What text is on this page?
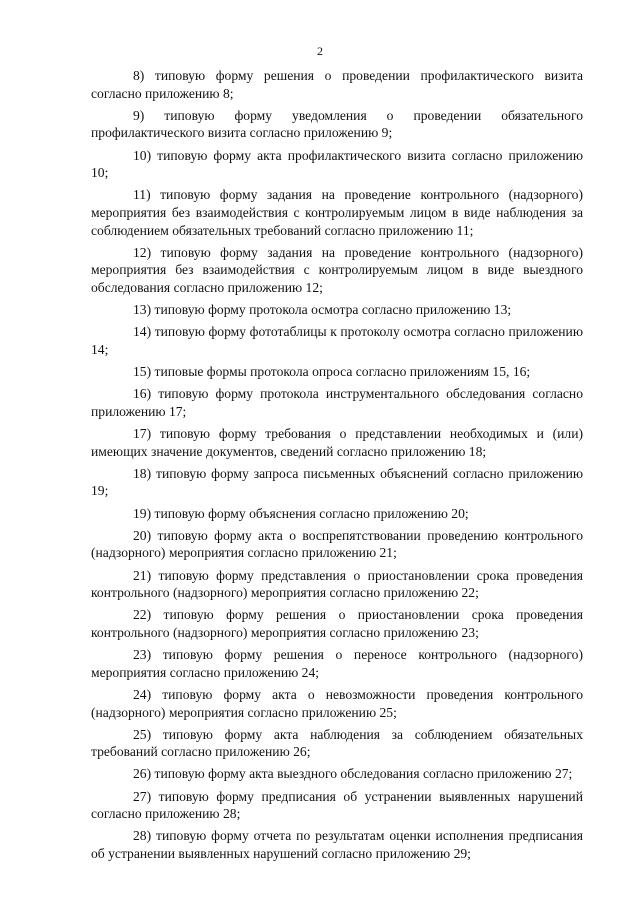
2

8) типовую форму решения о проведении профилактического визита согласно приложению 8;

9) типовую форму уведомления о проведении обязательного профилактического визита согласно приложению 9;

10) типовую форму акта профилактического визита согласно приложению 10;

11) типовую форму задания на проведение контрольного (надзорного) мероприятия без взаимодействия с контролируемым лицом в виде наблюдения за соблюдением обязательных требований согласно приложению 11;

12) типовую форму задания на проведение контрольного (надзорного) мероприятия без взаимодействия с контролируемым лицом в виде выездного обследования согласно приложению 12;

13) типовую форму протокола осмотра согласно приложению 13;

14) типовую форму фототаблицы к протоколу осмотра согласно приложению 14;

15) типовые формы протокола опроса согласно приложениям 15, 16;

16) типовую форму протокола инструментального обследования согласно приложению 17;

17) типовую форму требования о представлении необходимых и (или) имеющих значение документов, сведений согласно приложению 18;

18) типовую форму запроса письменных объяснений согласно приложению 19;

19) типовую форму объяснения согласно приложению 20;

20) типовую форму акта о воспрепятствовании проведению контрольного (надзорного) мероприятия согласно приложению 21;

21) типовую форму представления о приостановлении срока проведения контрольного (надзорного) мероприятия согласно приложению 22;

22) типовую форму решения о приостановлении срока проведения контрольного (надзорного) мероприятия согласно приложению 23;

23) типовую форму решения о переносе контрольного (надзорного) мероприятия согласно приложению 24;

24) типовую форму акта о невозможности проведения контрольного (надзорного) мероприятия согласно приложению 25;

25) типовую форму акта наблюдения за соблюдением обязательных требований согласно приложению 26;

26) типовую форму акта выездного обследования согласно приложению 27;

27) типовую форму предписания об устранении выявленных нарушений согласно приложению 28;

28) типовую форму отчета по результатам оценки исполнения предписания об устранении выявленных нарушений согласно приложению 29;
